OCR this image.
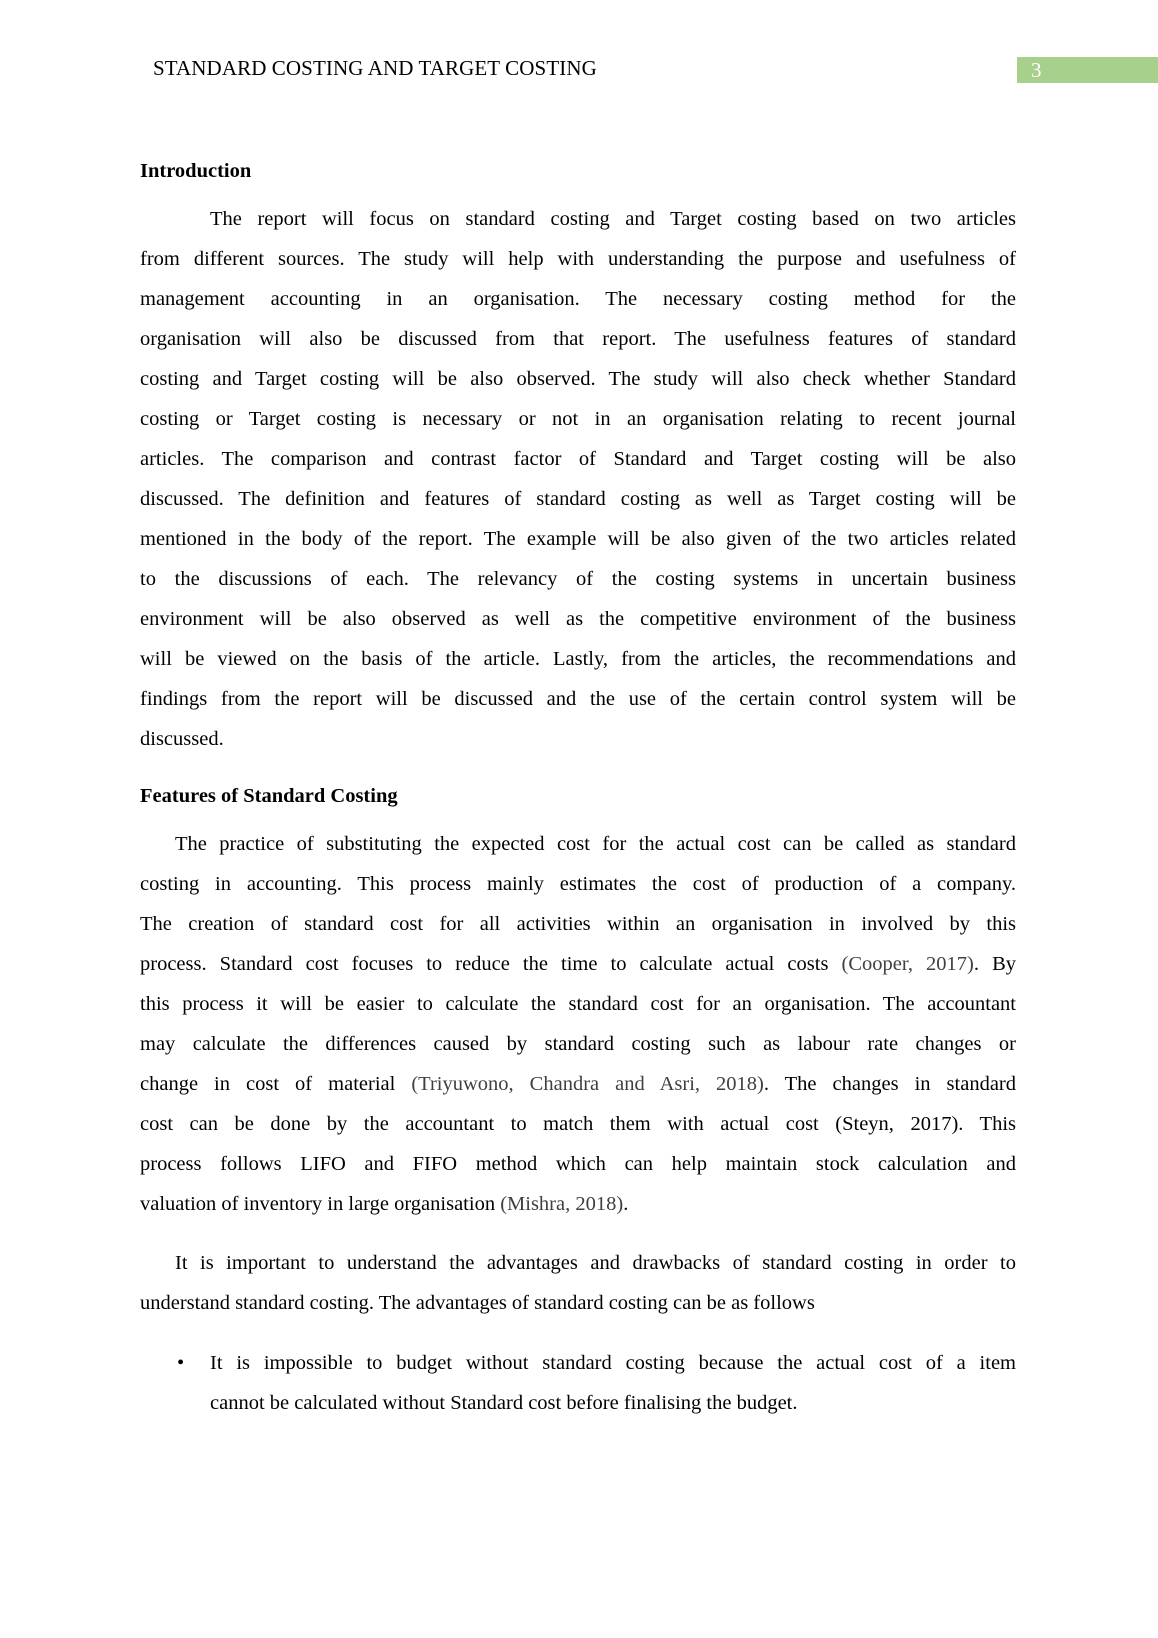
STANDARD COSTING AND TARGET COSTING	3
Introduction
The report will focus on standard costing and Target costing based on two articles
from different sources. The study will help with understanding the purpose and usefulness of
management accounting in an organisation. The necessary costing method for the
organisation will also be discussed from that report. The usefulness features of standard
costing and Target costing will be also observed. The study will also check whether Standard
costing or Target costing is necessary or not in an organisation relating to recent journal
articles. The comparison and contrast factor of Standard and Target costing will be also
discussed. The definition and features of standard costing as well as Target costing will be
mentioned in the body of the report. The example will be also given of the two articles related
to the discussions of each. The relevancy of the costing systems in uncertain business
environment will be also observed as well as the competitive environment of the business
will be viewed on the basis of the article. Lastly, from the articles, the recommendations and
findings from the report will be discussed and the use of the certain control system will be
discussed.
Features of Standard Costing
The practice of substituting the expected cost for the actual cost can be called as standard
costing in accounting. This process mainly estimates the cost of production of a company.
The creation of standard cost for all activities within an organisation in involved by this
process. Standard cost focuses to reduce the time to calculate actual costs (Cooper, 2017). By
this process it will be easier to calculate the standard cost for an organisation. The accountant
may calculate the differences caused by standard costing such as labour rate changes or
change in cost of material (Triyuwono, Chandra and Asri, 2018). The changes in standard
cost can be done by the accountant to match them with actual cost (Steyn, 2017). This
process follows LIFO and FIFO method which can help maintain stock calculation and
valuation of inventory in large organisation (Mishra, 2018).
It is important to understand the advantages and drawbacks of standard costing in order to
understand standard costing. The advantages of standard costing can be as follows
• It is impossible to budget without standard costing because the actual cost of a item
cannot be calculated without Standard cost before finalising the budget.
